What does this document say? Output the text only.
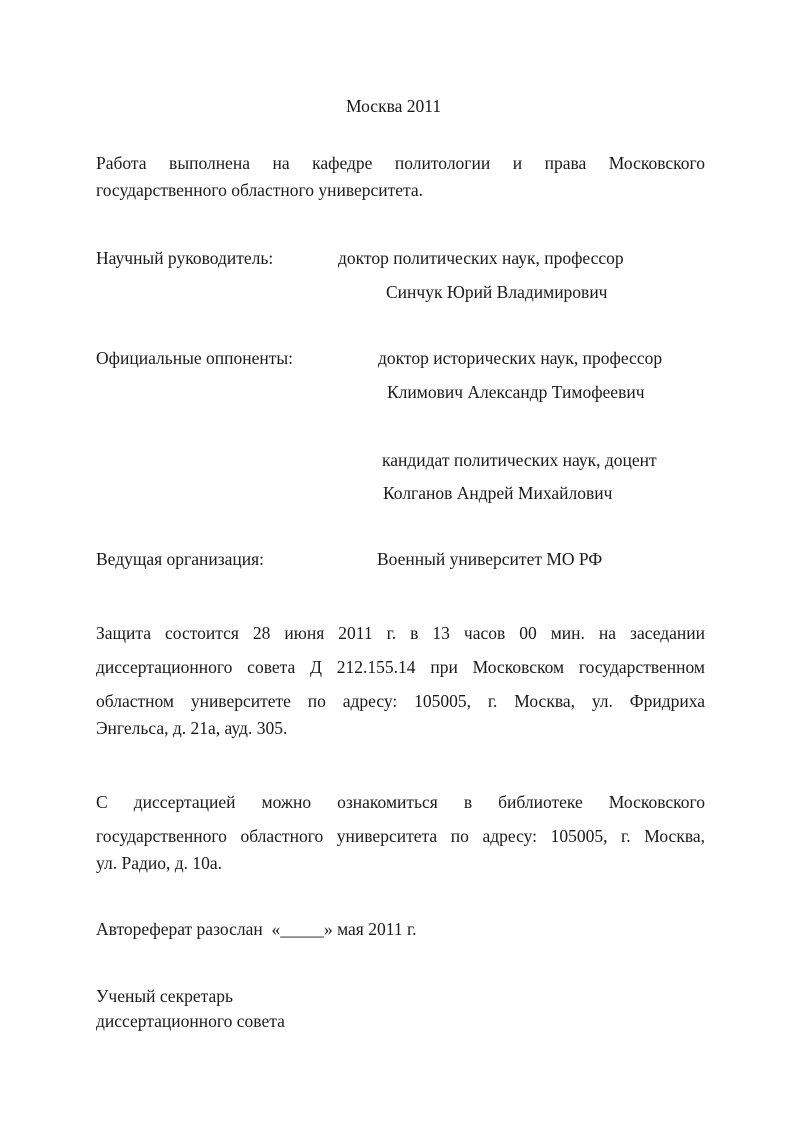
Москва 2011
Работа выполнена на кафедре политологии и права Московского
государственного областного университета.
Научный руководитель:	доктор политических наук, профессор
Синчук Юрий Владимирович
Официальные оппоненты:	доктор исторических наук, профессор
Климович Александр Тимофеевич
кандидат политических наук, доцент
Колганов Андрей Михайлович
Ведущая организация:	Военный университет МО РФ
Защита состоится 28 июня 2011 г. в 13 часов 00 мин. на заседании
диссертационного совета Д 212.155.14 при Московском государственном
областном университете по адресу: 105005, г. Москва, ул. Фридриха
Энгельса, д. 21а, ауд. 305.
С диссертацией можно ознакомиться в библиотеке Московского
государственного областного университета по адресу: 105005, г. Москва,
ул. Радио, д. 10а.
Автореферат разослан  «_____» мая 2011 г.
Ученый секретарь
диссертационного совета
